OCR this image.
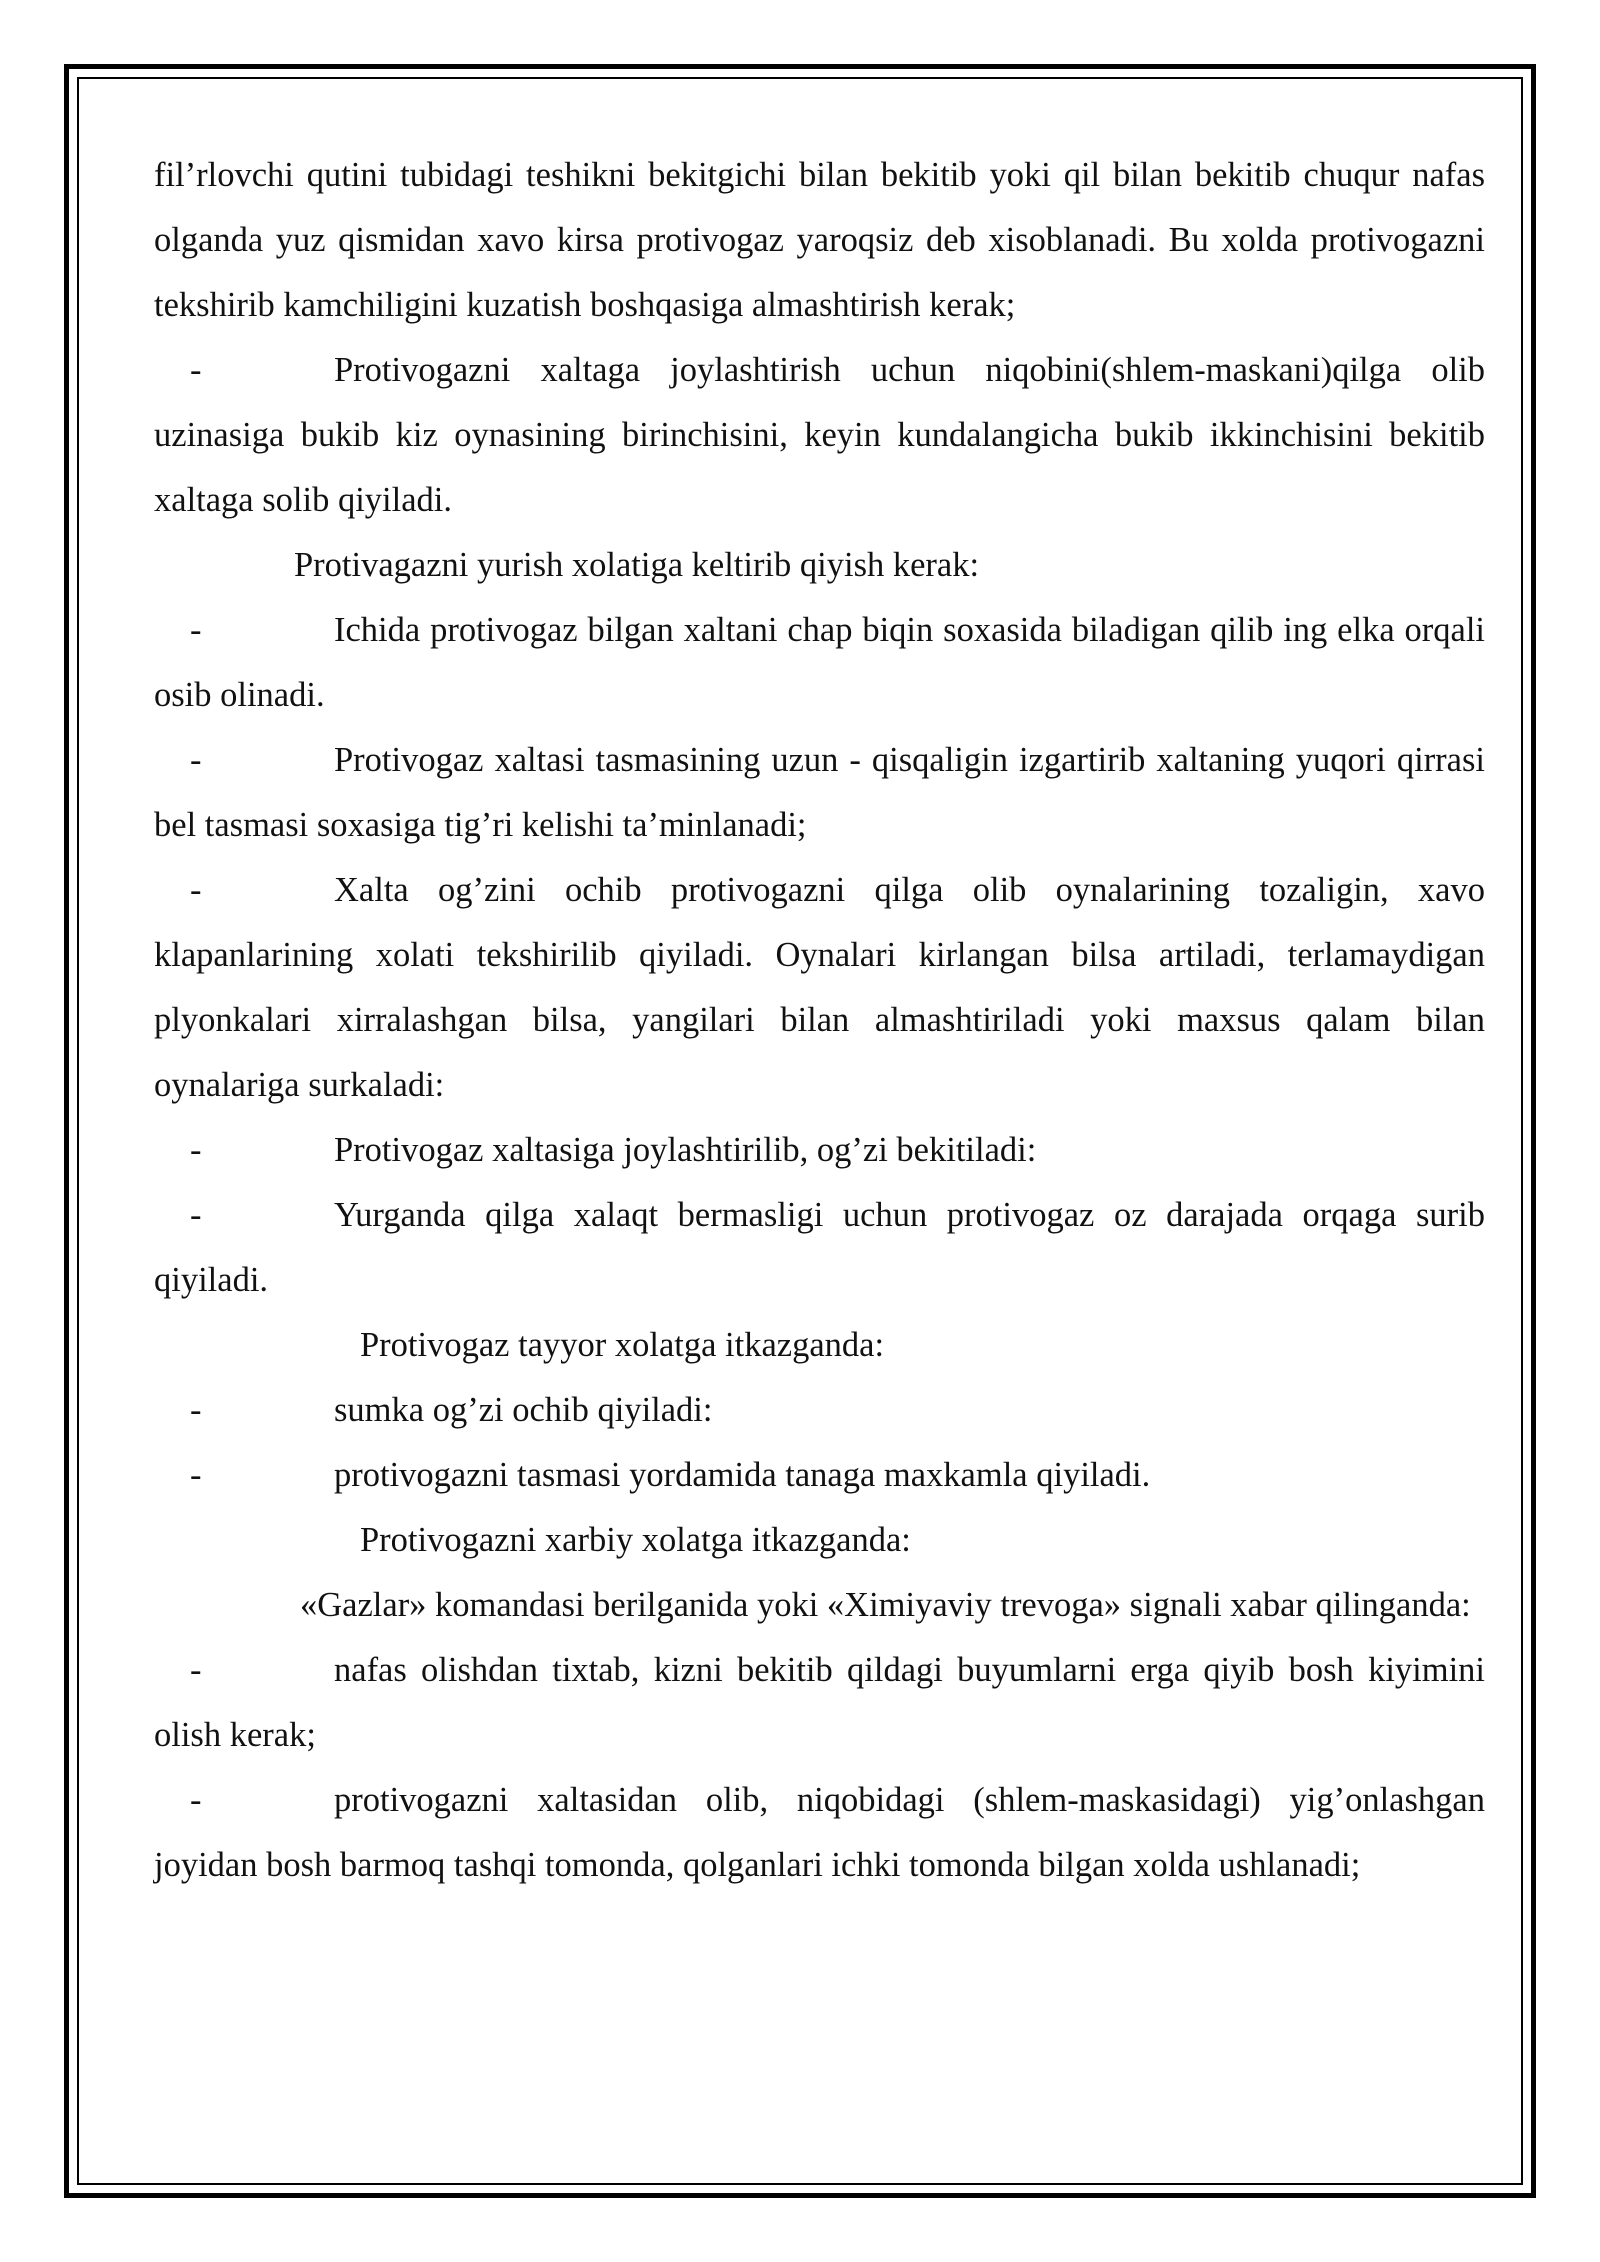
fil’rlovchi qutini tubidagi teshikni bekitgichi bilan bekitib yoki qil bilan bekitib chuqur nafas olganda yuz qismidan xavo kirsa protivogaz yaroqsiz deb xisoblanadi. Bu xolda protivogazni tekshirib kamchiligini kuzatish boshqasiga almashtirish kerak;

-	Protivogazni xaltaga joylashtirish uchun niqobini(shlem-maskani)qilga olib uzinasiga bukib kiz oynasining birinchisini, keyin kundalangicha bukib ikkinchisini bekitib xaltaga solib qiyiladi.

Protivagazni yurish xolatiga keltirib qiyish kerak:

-	Ichida protivogaz bilgan xaltani chap biqin soxasida biladigan qilib ing elka orqali osib olinadi.

-	Protivogaz xaltasi tasmasining uzun - qisqaligin izgartirib xaltaning yuqori qirrasi bel tasmasi soxasiga tig’ri kelishi ta’minlanadi;

-	Xalta og’zini ochib protivogazni qilga olib oynalarining tozaligin, xavo klapanlarining xolati tekshirilib qiyiladi. Oynalari kirlangan bilsa artiladi, terlamaydigan plyonkalari xirralashgan bilsa, yangilari bilan almashtiriladi yoki maxsus qalam bilan oynalariga surkaladi:

-	Protivogaz xaltasiga joylashtirilib, og’zi bekitiladi:

-	Yurganda qilga xalaqt bermasligi uchun protivogaz oz darajada orqaga surib qiyiladi.

Protivogaz tayyor xolatga itkazganda:

-	sumka og’zi ochib qiyiladi:

-	protivogazni tasmasi yordamida tanaga maxkamla qiyiladi.

Protivogazni xarbiy xolatga itkazganda:

«Gazlar» komandasi berilganida yoki «Ximiyaviy trevoga» signali xabar qilinganda:

-	nafas olishdan tixtab, kizni bekitib qildagi buyumlarni erga qiyib bosh kiyimini olish kerak;

-	protivogazni xaltasidan olib, niqobidagi (shlem-maskasidagi) yig’onlashgan joyidan bosh barmoq tashqi tomonda, qolganlari ichki tomonda bilgan xolda ushlanadi;
